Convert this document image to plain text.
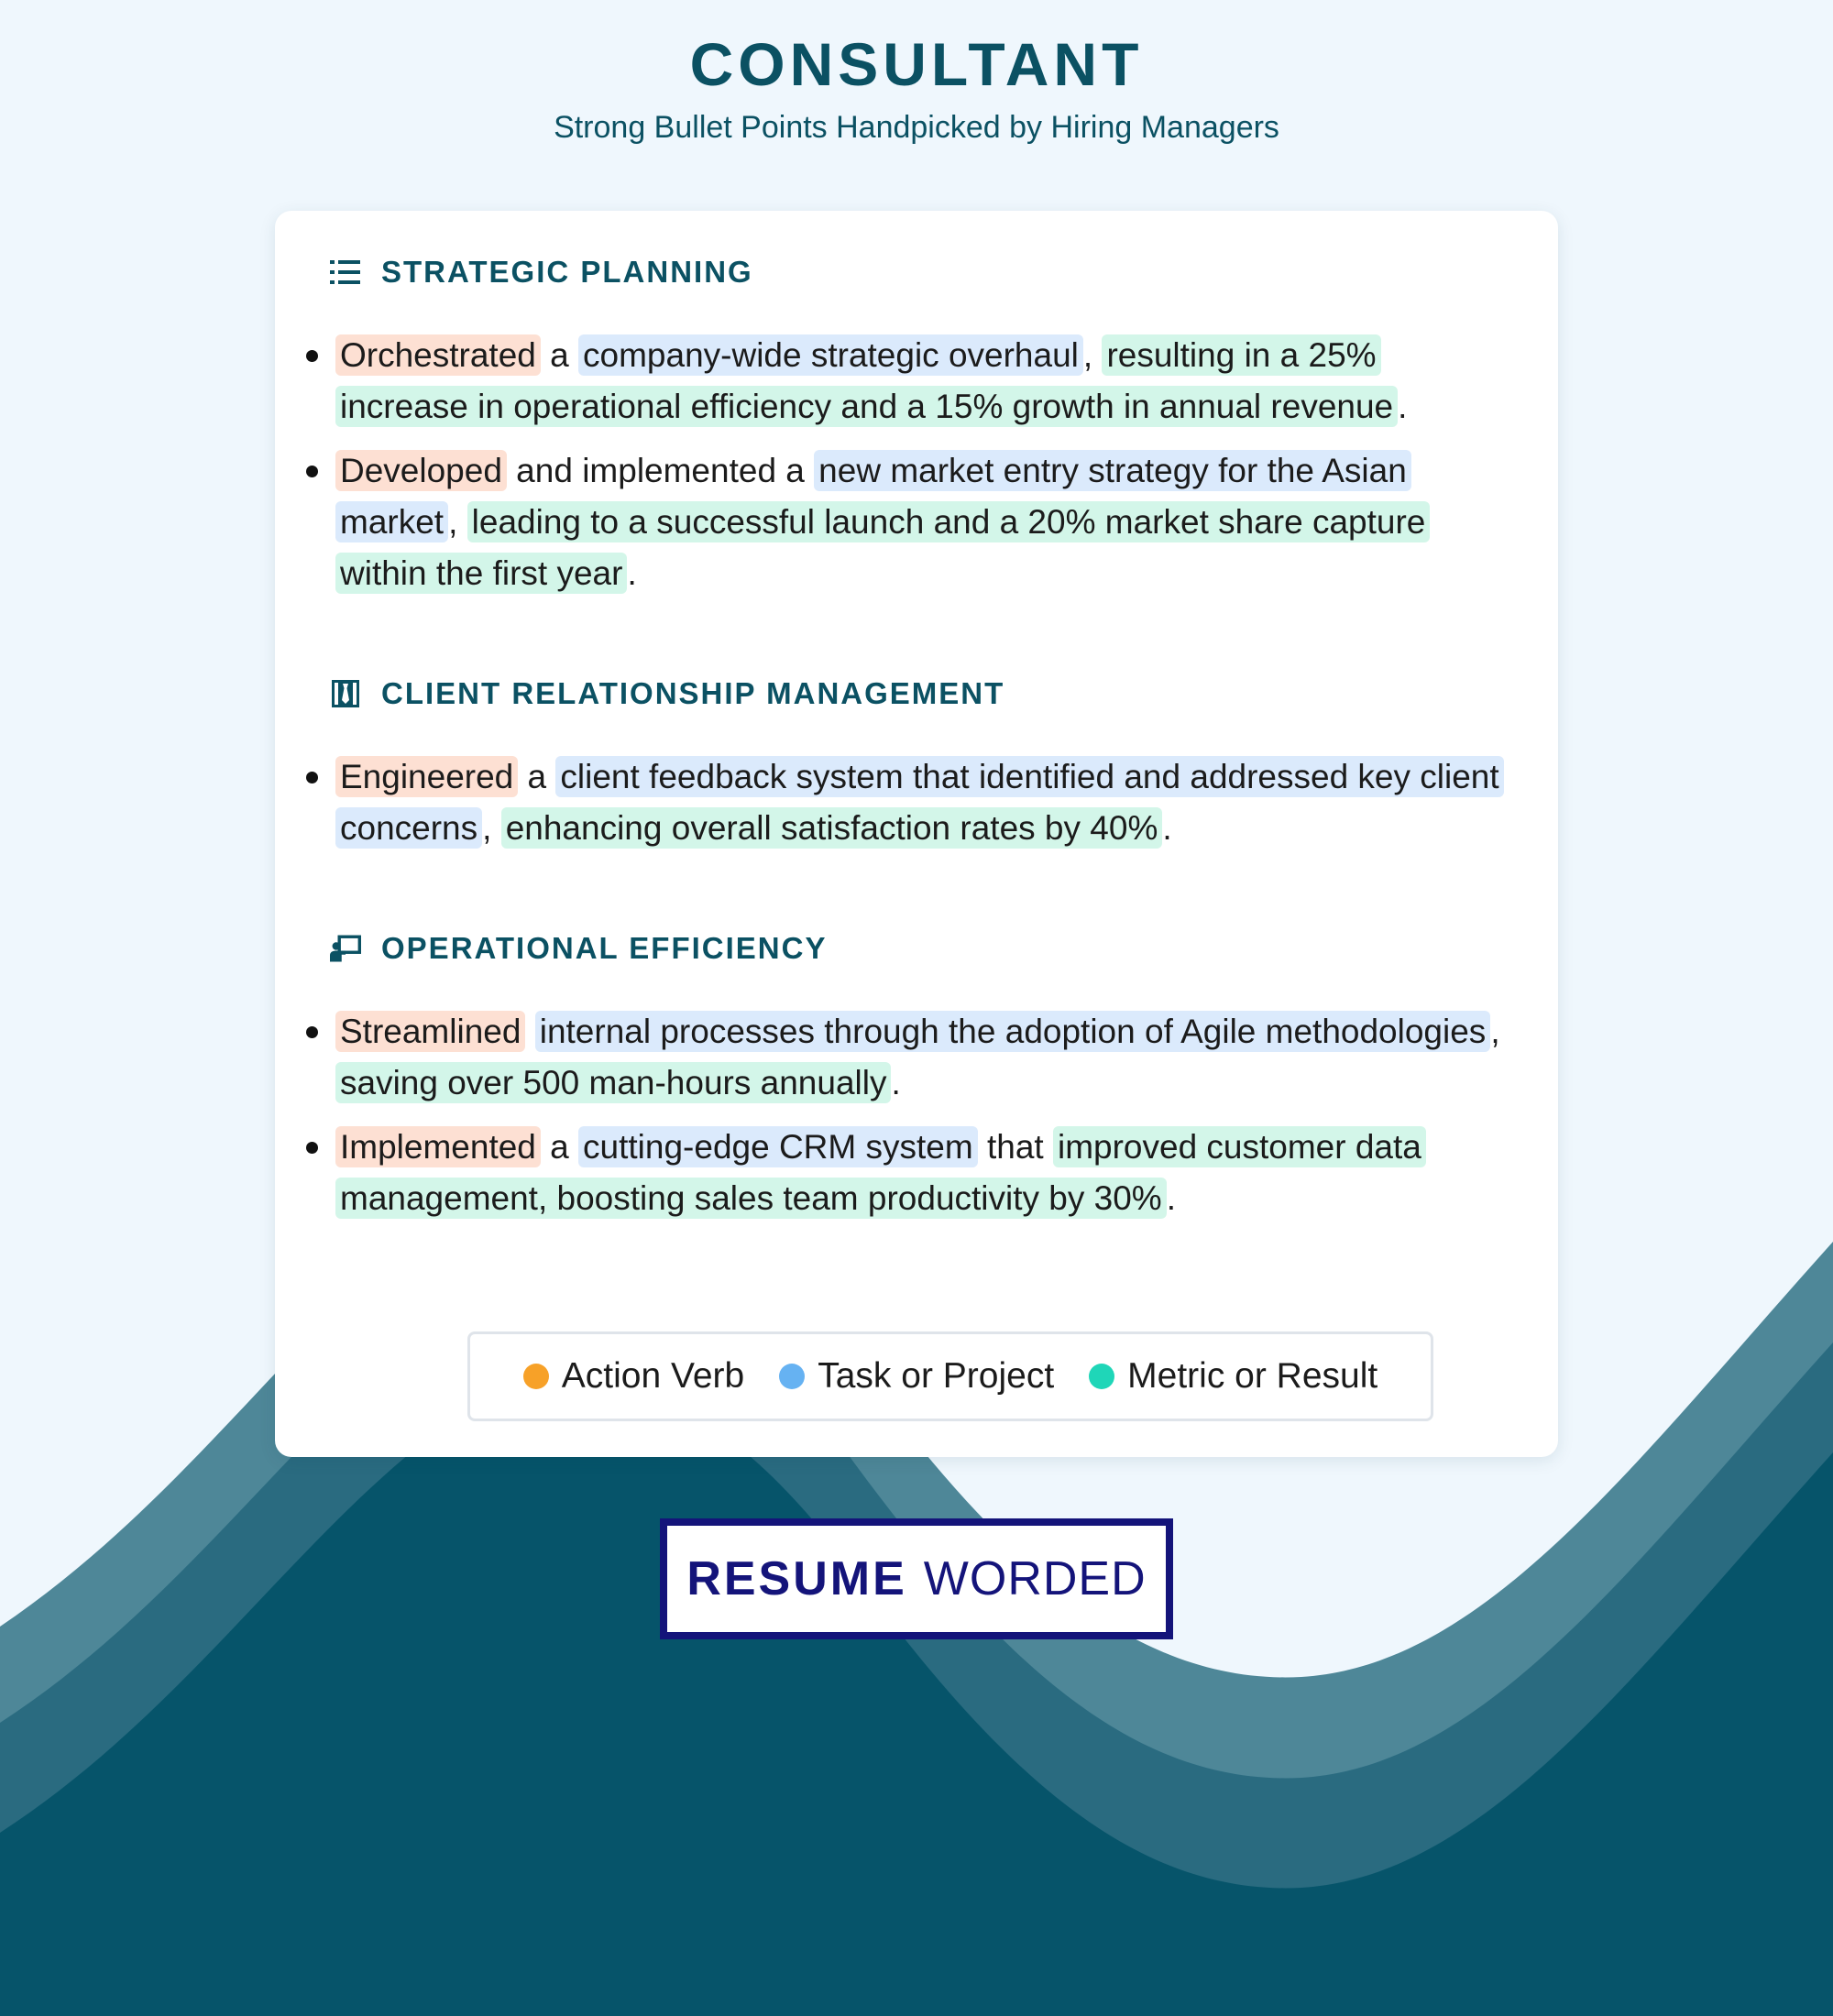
CONSULTANT
Strong Bullet Points Handpicked by Hiring Managers
STRATEGIC PLANNING
Orchestrated a company-wide strategic overhaul , resulting in a 25% increase in operational efficiency and a 15% growth in annual revenue .
Developed and implemented a new market entry strategy for the Asian market , leading to a successful launch and a 20% market share capture within the first year .
CLIENT RELATIONSHIP MANAGEMENT
Engineered a client feedback system that identified and addressed key client concerns , enhancing overall satisfaction rates by 40% .
OPERATIONAL EFFICIENCY
Streamlined internal processes through the adoption of Agile methodologies , saving over 500 man-hours annually .
Implemented a cutting-edge CRM system that improved customer data management, boosting sales team productivity by 30% .
Action Verb Task or Project Metric or Result
RESUME WORDED
